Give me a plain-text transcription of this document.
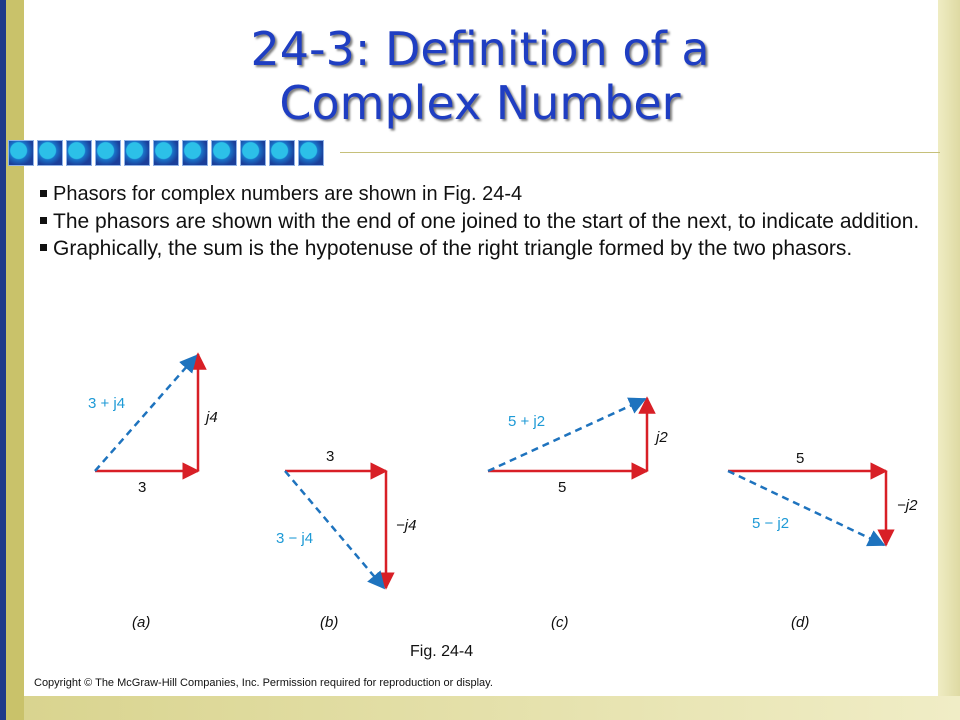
24-3: Definition of a
Complex Number

Phasors for complex numbers are shown in Fig. 24-4

The phasors are shown with the end of one joined to the start of the next, to indicate addition.

Graphically, the sum is the hypotenuse of the right triangle formed by the two phasors.

3
j4
3 + j4
(a)
3
−j4
3 − j4
(b)
5
j2
5 + j2
(c)
5
−j2
5 − j2
(d)
Fig. 24-4
Copyright © The McGraw-Hill Companies, Inc. Permission required for reproduction or display.
